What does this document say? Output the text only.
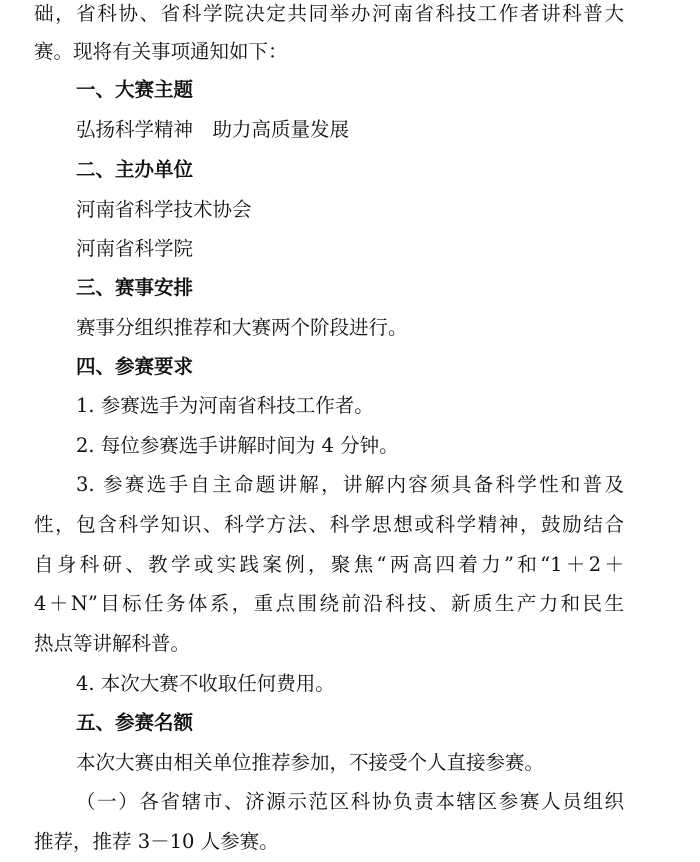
础，省科协、省科学院决定共同举办河南省科技工作者讲科普大
赛。现将有关事项通知如下：
一、大赛主题
弘扬科学精神　助力高质量发展
二、主办单位
河南省科学技术协会
河南省科学院
三、赛事安排
赛事分组织推荐和大赛两个阶段进行。
四、参赛要求
1. 参赛选手为河南省科技工作者。
2. 每位参赛选手讲解时间为 4 分钟。
3. 参赛选手自主命题讲解，讲解内容须具备科学性和普及
性，包含科学知识、科学方法、科学思想或科学精神，鼓励结合
自身科研、教学或实践案例，聚焦“两高四着力”和“1＋2＋
4＋N”目标任务体系，重点围绕前沿科技、新质生产力和民生
热点等讲解科普。
4. 本次大赛不收取任何费用。
五、参赛名额
本次大赛由相关单位推荐参加，不接受个人直接参赛。
（一）各省辖市、济源示范区科协负责本辖区参赛人员组织
推荐，推荐 3－10 人参赛。
